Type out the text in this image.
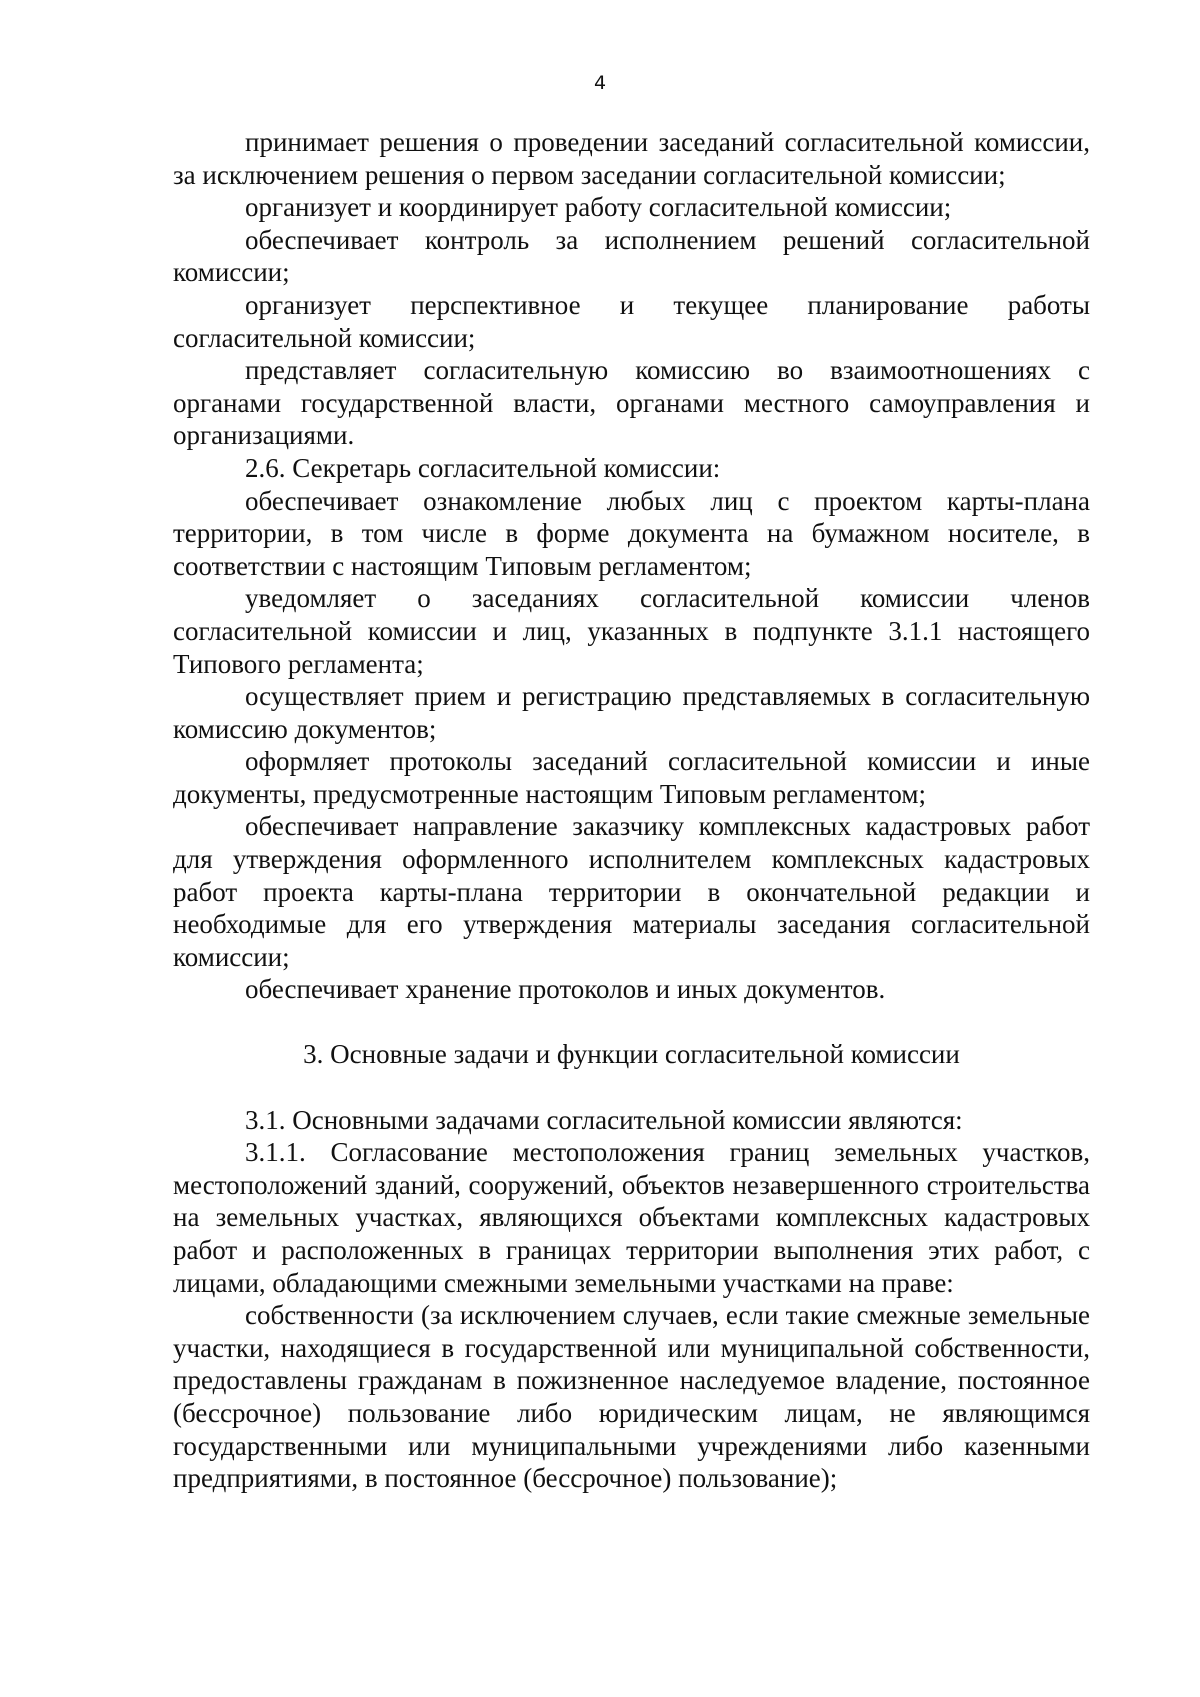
4

принимает решения о проведении заседаний согласительной комиссии, за исключением решения о первом заседании согласительной комиссии;

организует и координирует работу согласительной комиссии;

обеспечивает контроль за исполнением решений согласительной комиссии;

организует перспективное и текущее планирование работы согласительной комиссии;

представляет согласительную комиссию во взаимоотношениях с органами государственной власти, органами местного самоуправления и организациями.

2.6. Секретарь согласительной комиссии:

обеспечивает ознакомление любых лиц с проектом карты-плана территории, в том числе в форме документа на бумажном носителе, в соответствии с настоящим Типовым регламентом;

уведомляет о заседаниях согласительной комиссии членов согласительной комиссии и лиц, указанных в подпункте 3.1.1 настоящего Типового регламента;

осуществляет прием и регистрацию представляемых в согласительную комиссию документов;

оформляет протоколы заседаний согласительной комиссии и иные документы, предусмотренные настоящим Типовым регламентом;

обеспечивает направление заказчику комплексных кадастровых работ для утверждения оформленного исполнителем комплексных кадастровых работ проекта карты-плана территории в окончательной редакции и необходимые для его утверждения материалы заседания согласительной комиссии;

обеспечивает хранение протоколов и иных документов.

3. Основные задачи и функции согласительной комиссии

3.1. Основными задачами согласительной комиссии являются:

3.1.1. Согласование местоположения границ земельных участков, местоположений зданий, сооружений, объектов незавершенного строительства на земельных участках, являющихся объектами комплексных кадастровых работ и расположенных в границах территории выполнения этих работ, с лицами, обладающими смежными земельными участками на праве:

собственности (за исключением случаев, если такие смежные земельные участки, находящиеся в государственной или муниципальной собственности, предоставлены гражданам в пожизненное наследуемое владение, постоянное (бессрочное) пользование либо юридическим лицам, не являющимся государственными или муниципальными учреждениями либо казенными предприятиями, в постоянное (бессрочное) пользование);
